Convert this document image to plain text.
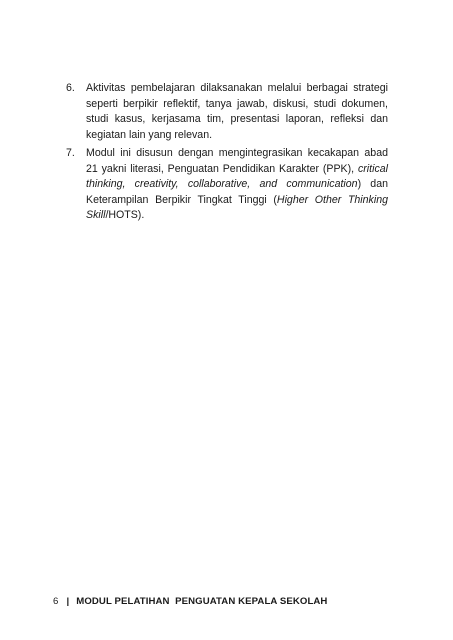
6.	Aktivitas pembelajaran dilaksanakan melalui berbagai strategi seperti berpikir reflektif, tanya jawab, diskusi, studi dokumen, studi kasus, kerjasama tim, presentasi laporan, refleksi dan kegiatan lain yang relevan.
7.	Modul ini disusun dengan mengintegrasikan kecakapan abad 21 yakni literasi, Penguatan Pendidikan Karakter (PPK), critical thinking, creativity, collaborative, and communication) dan Keterampilan Berpikir Tingkat Tinggi (Higher Other Thinking Skill/HOTS).
6 | MODUL PELATIHAN  PENGUATAN KEPALA SEKOLAH
